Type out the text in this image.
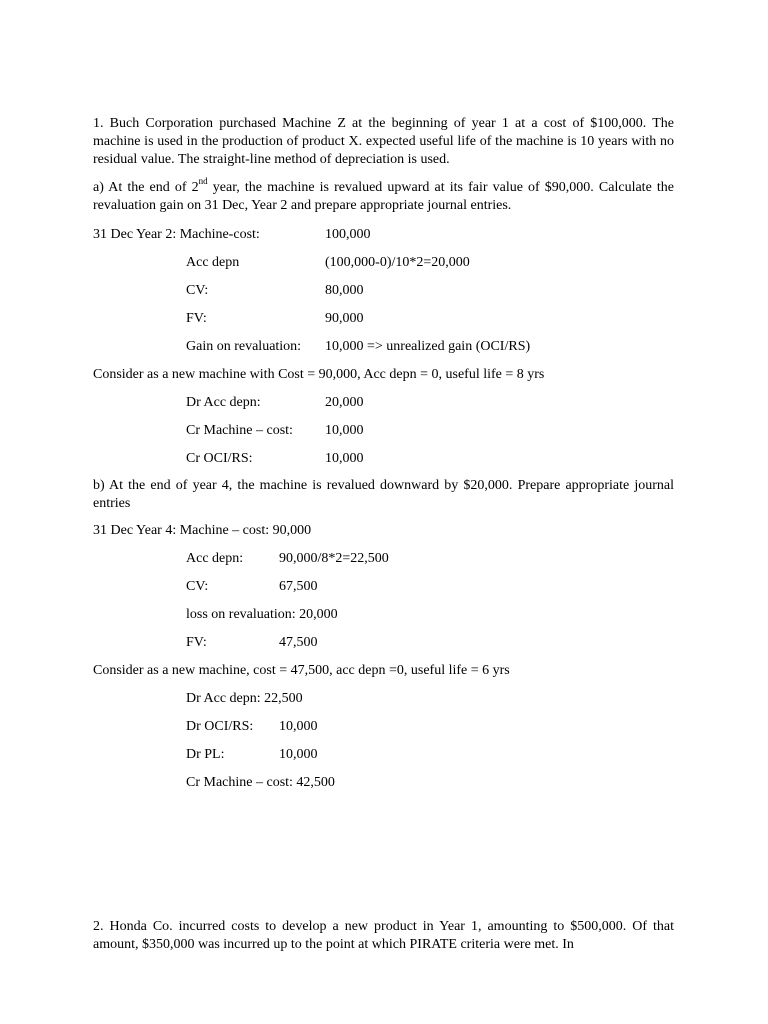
1. Buch Corporation purchased Machine Z at the beginning of year 1 at a cost of $100,000. The machine is used in the production of product X. expected useful life of the machine is 10 years with no residual value. The straight-line method of depreciation is used.

a) At the end of 2nd year, the machine is revalued upward at its fair value of $90,000. Calculate the revaluation gain on 31 Dec, Year 2 and prepare appropriate journal entries.

31 Dec Year 2: Machine-cost:	100,000
Acc depn	(100,000-0)/10*2=20,000
CV:	80,000
FV:	90,000
Gain on revaluation: 10,000 => unrealized gain (OCI/RS)
Consider as a new machine with Cost = 90,000, Acc depn = 0, useful life = 8 yrs
Dr Acc depn:	20,000
Cr Machine – cost: 10,000
Cr OCI/RS:	10,000

b) At the end of year 4, the machine is revalued downward by $20,000. Prepare appropriate journal entries

31 Dec Year 4: Machine – cost: 90,000
Acc depn:	90,000/8*2=22,500
CV:	67,500
loss on revaluation: 20,000
FV:	47,500
Consider as a new machine, cost = 47,500, acc depn =0, useful life = 6 yrs
Dr Acc depn: 22,500
Dr OCI/RS: 10,000
Dr PL:	10,000
Cr Machine – cost: 42,500

2. Honda Co. incurred costs to develop a new product in Year 1, amounting to $500,000. Of that amount, $350,000 was incurred up to the point at which PIRATE criteria were met. In
